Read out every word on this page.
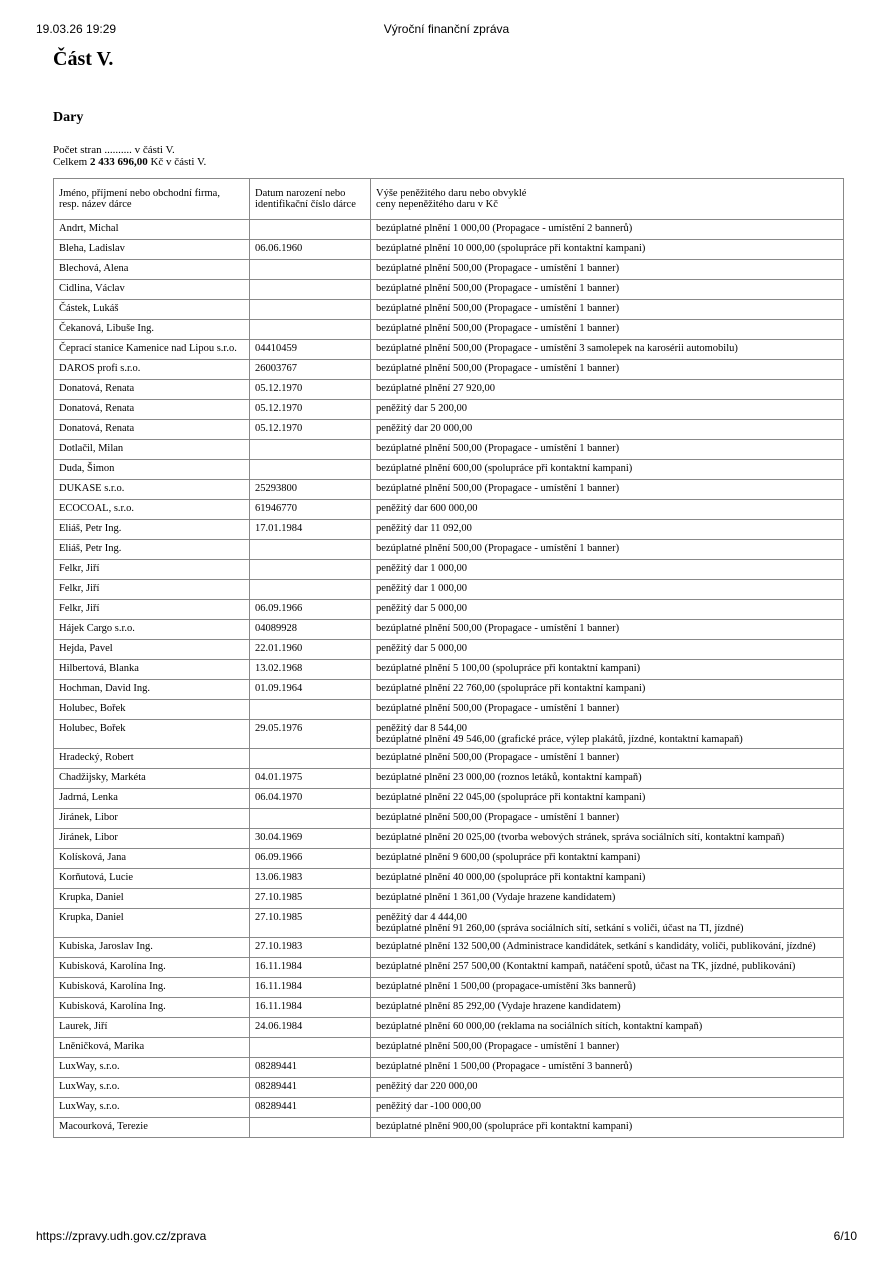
19.03.26 19:29	Výroční finanční zpráva
Část V.
Dary
Počet stran .......... v části V.
Celkem 2 433 696,00 Kč v části V.
Jméno, příjmení nebo obchodní firma,
resp. název dárce	Datum narození nebo identifikační číslo dárce	Výše peněžitého daru nebo obvyklé
ceny nepeněžitého daru v Kč
Andrt, Michal		bezúplatné plnění 1 000,00 (Propagace - umístění 2 bannerů)
Bleha, Ladislav	06.06.1960	bezúplatné plnění 10 000,00 (spolupráce při kontaktní kampani)
Blechová, Alena		bezúplatné plnění 500,00 (Propagace - umístění 1 banner)
Cidlina, Václav		bezúplatné plnění 500,00 (Propagace - umístění 1 banner)
Částek, Lukáš		bezúplatné plnění 500,00 (Propagace - umístění 1 banner)
Čekanová, Libuše Ing.		bezúplatné plnění 500,00 (Propagace - umístění 1 banner)
Čeprací stanice Kamenice nad Lipou s.r.o.	04410459	bezúplatné plnění 500,00 (Propagace - umístění 3 samolepek na karosérii automobilu)
DAROS profi s.r.o.	26003767	bezúplatné plnění 500,00 (Propagace - umístění 1 banner)
Donatová, Renata	05.12.1970	bezúplatné plnění 27 920,00
Donatová, Renata	05.12.1970	peněžitý dar 5 200,00
Donatová, Renata	05.12.1970	peněžitý dar 20 000,00
Dotlačil, Milan		bezúplatné plnění 500,00 (Propagace - umístění 1 banner)
Duda, Šimon		bezúplatné plnění 600,00 (spolupráce při kontaktní kampani)
DUKASE s.r.o.	25293800	bezúplatné plnění 500,00 (Propagace - umístění 1 banner)
ECOCOAL, s.r.o.	61946770	peněžitý dar 600 000,00
Eliáš, Petr Ing.	17.01.1984	peněžitý dar 11 092,00
Eliáš, Petr Ing.		bezúplatné plnění 500,00 (Propagace - umístění 1 banner)
Felkr, Jiří		peněžitý dar 1 000,00
Felkr, Jiří		peněžitý dar 1 000,00
Felkr, Jiří	06.09.1966	peněžitý dar 5 000,00
Hájek Cargo s.r.o.	04089928	bezúplatné plnění 500,00 (Propagace - umístění 1 banner)
Hejda, Pavel	22.01.1960	peněžitý dar 5 000,00
Hilbertová, Blanka	13.02.1968	bezúplatné plnění 5 100,00 (spolupráce při kontaktní kampani)
Hochman, David Ing.	01.09.1964	bezúplatné plnění 22 760,00 (spolupráce při kontaktní kampani)
Holubec, Bořek		bezúplatné plnění 500,00 (Propagace - umístění 1 banner)
Holubec, Bořek	29.05.1976	peněžitý dar 8 544,00
bezúplatné plnění 49 546,00 (grafické práce, výlep plakátů, jízdné, kontaktní kamapaň)
Hradecký, Robert		bezúplatné plnění 500,00 (Propagace - umístění 1 banner)
Chadžijsky, Markéta	04.01.1975	bezúplatné plnění 23 000,00 (roznos letáků, kontaktní kampaň)
Jadrná, Lenka	06.04.1970	bezúplatné plnění 22 045,00 (spolupráce při kontaktní kampani)
Jiránek, Libor		bezúplatné plnění 500,00 (Propagace - umístění 1 banner)
Jiránek, Libor	30.04.1969	bezúplatné plnění 20 025,00 (tvorba webových stránek, správa sociálních sítí, kontaktní kampaň)
Kolísková, Jana	06.09.1966	bezúplatné plnění 9 600,00 (spolupráce při kontaktní kampani)
Korňutová, Lucie	13.06.1983	bezúplatné plnění 40 000,00 (spolupráce při kontaktní kampani)
Krupka, Daniel	27.10.1985	bezúplatné plnění 1 361,00 (Vydaje hrazene kandidatem)
Krupka, Daniel	27.10.1985	peněžitý dar 4 444,00
bezúplatné plnění 91 260,00 (správa sociálních sítí, setkání s voliči, účast na TI, jízdné)
Kubiska, Jaroslav Ing.	27.10.1983	bezúplatné plnění 132 500,00 (Administrace kandidátek, setkání s kandidáty, voliči, publikování, jízdné)
Kubisková, Karolína Ing.	16.11.1984	bezúplatné plnění 257 500,00 (Kontaktní kampaň, natáčení spotů, účast na TK, jízdné, publikování)
Kubisková, Karolína Ing.	16.11.1984	bezúplatné plnění 1 500,00 (propagace-umístění 3ks bannerů)
Kubisková, Karolína Ing.	16.11.1984	bezúplatné plnění 85 292,00 (Vydaje hrazene kandidatem)
Laurek, Jiří	24.06.1984	bezúplatné plnění 60 000,00 (reklama na sociálních sítích, kontaktní kampaň)
Lněničková, Marika		bezúplatné plnění 500,00 (Propagace - umístění 1 banner)
LuxWay, s.r.o.	08289441	bezúplatné plnění 1 500,00 (Propagace - umístění 3 bannerů)
LuxWay, s.r.o.	08289441	peněžitý dar 220 000,00
LuxWay, s.r.o.	08289441	peněžitý dar -100 000,00
Macourková, Terezie		bezúplatné plnění 900,00 (spolupráce při kontaktní kampani)
https://zpravy.udh.gov.cz/zprava	6/10
